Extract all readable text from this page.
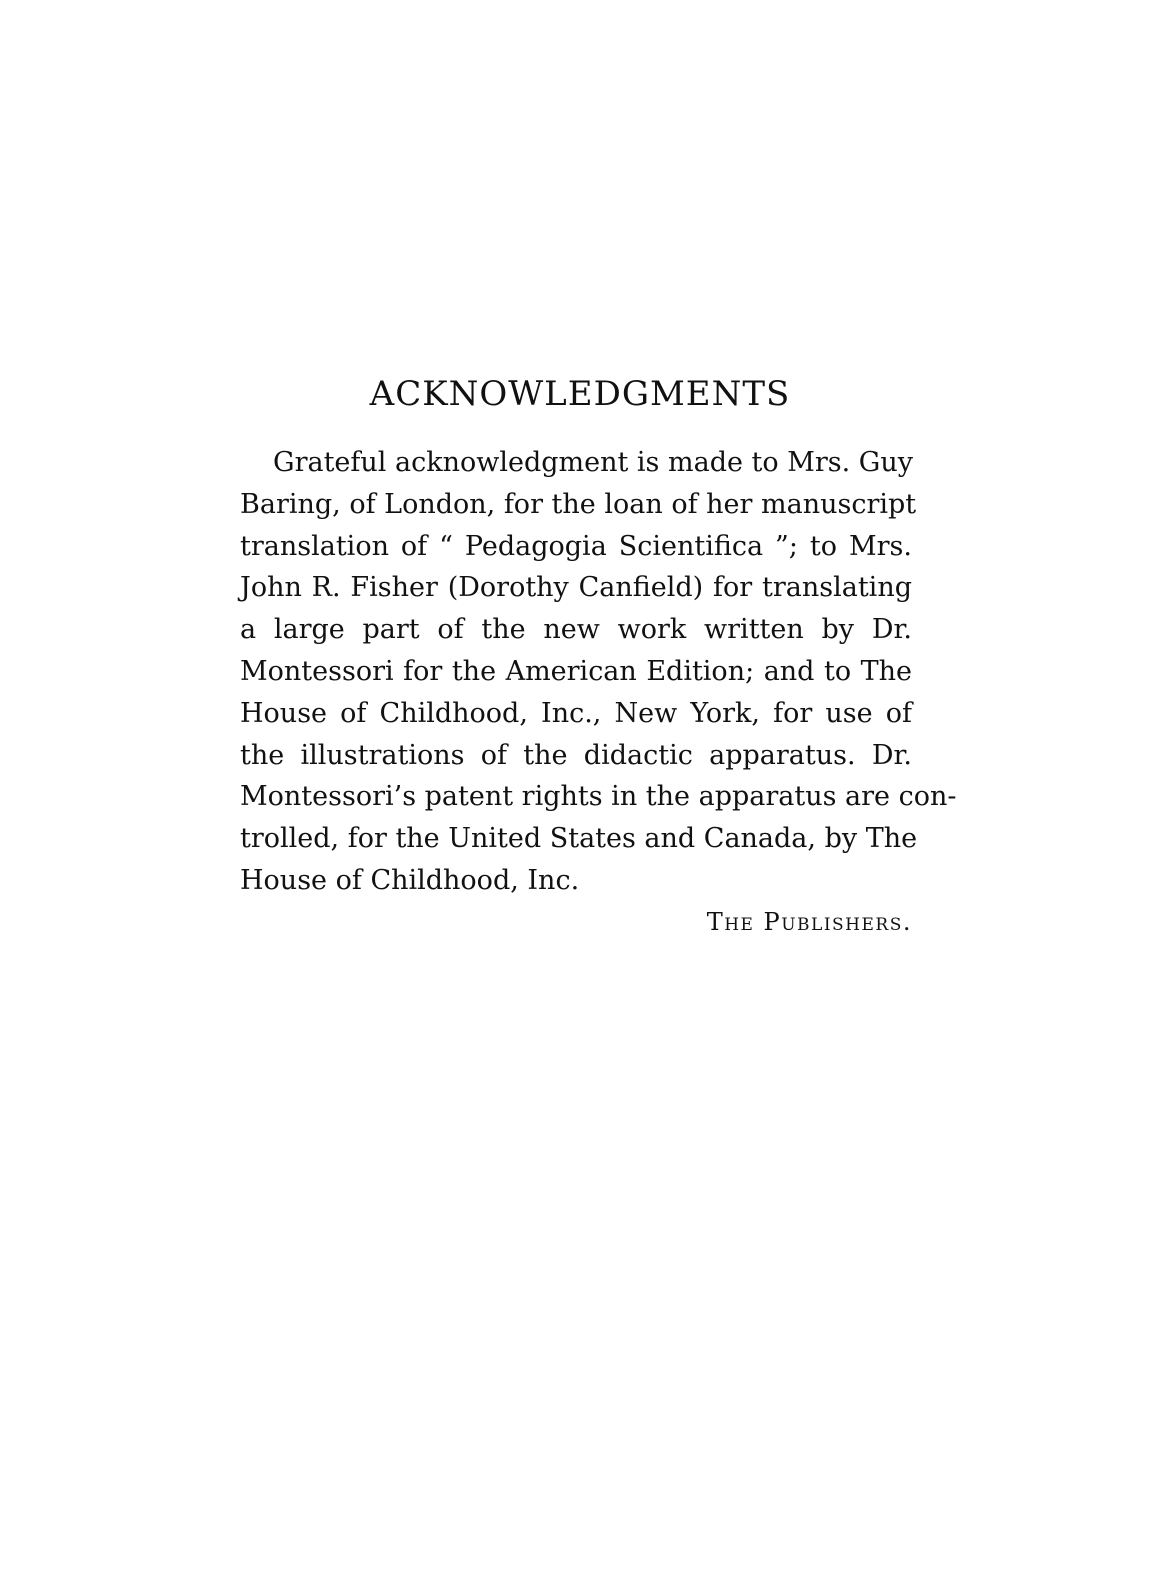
ACKNOWLEDGMENTS
Grateful acknowledgment is made to Mrs. Guy
Baring, of London, for the loan of her manuscript
translation of “ Pedagogia Scientifica ”; to Mrs.
John R. Fisher (Dorothy Canfield) for translating
a large part of the new work written by Dr.
Montessori for the American Edition; and to The
House of Childhood, Inc., New York, for use of
the illustrations of the didactic apparatus. Dr.
Montessori’s patent rights in the apparatus are con-
trolled, for the United States and Canada, by The
House of Childhood, Inc.
The Publishers.
